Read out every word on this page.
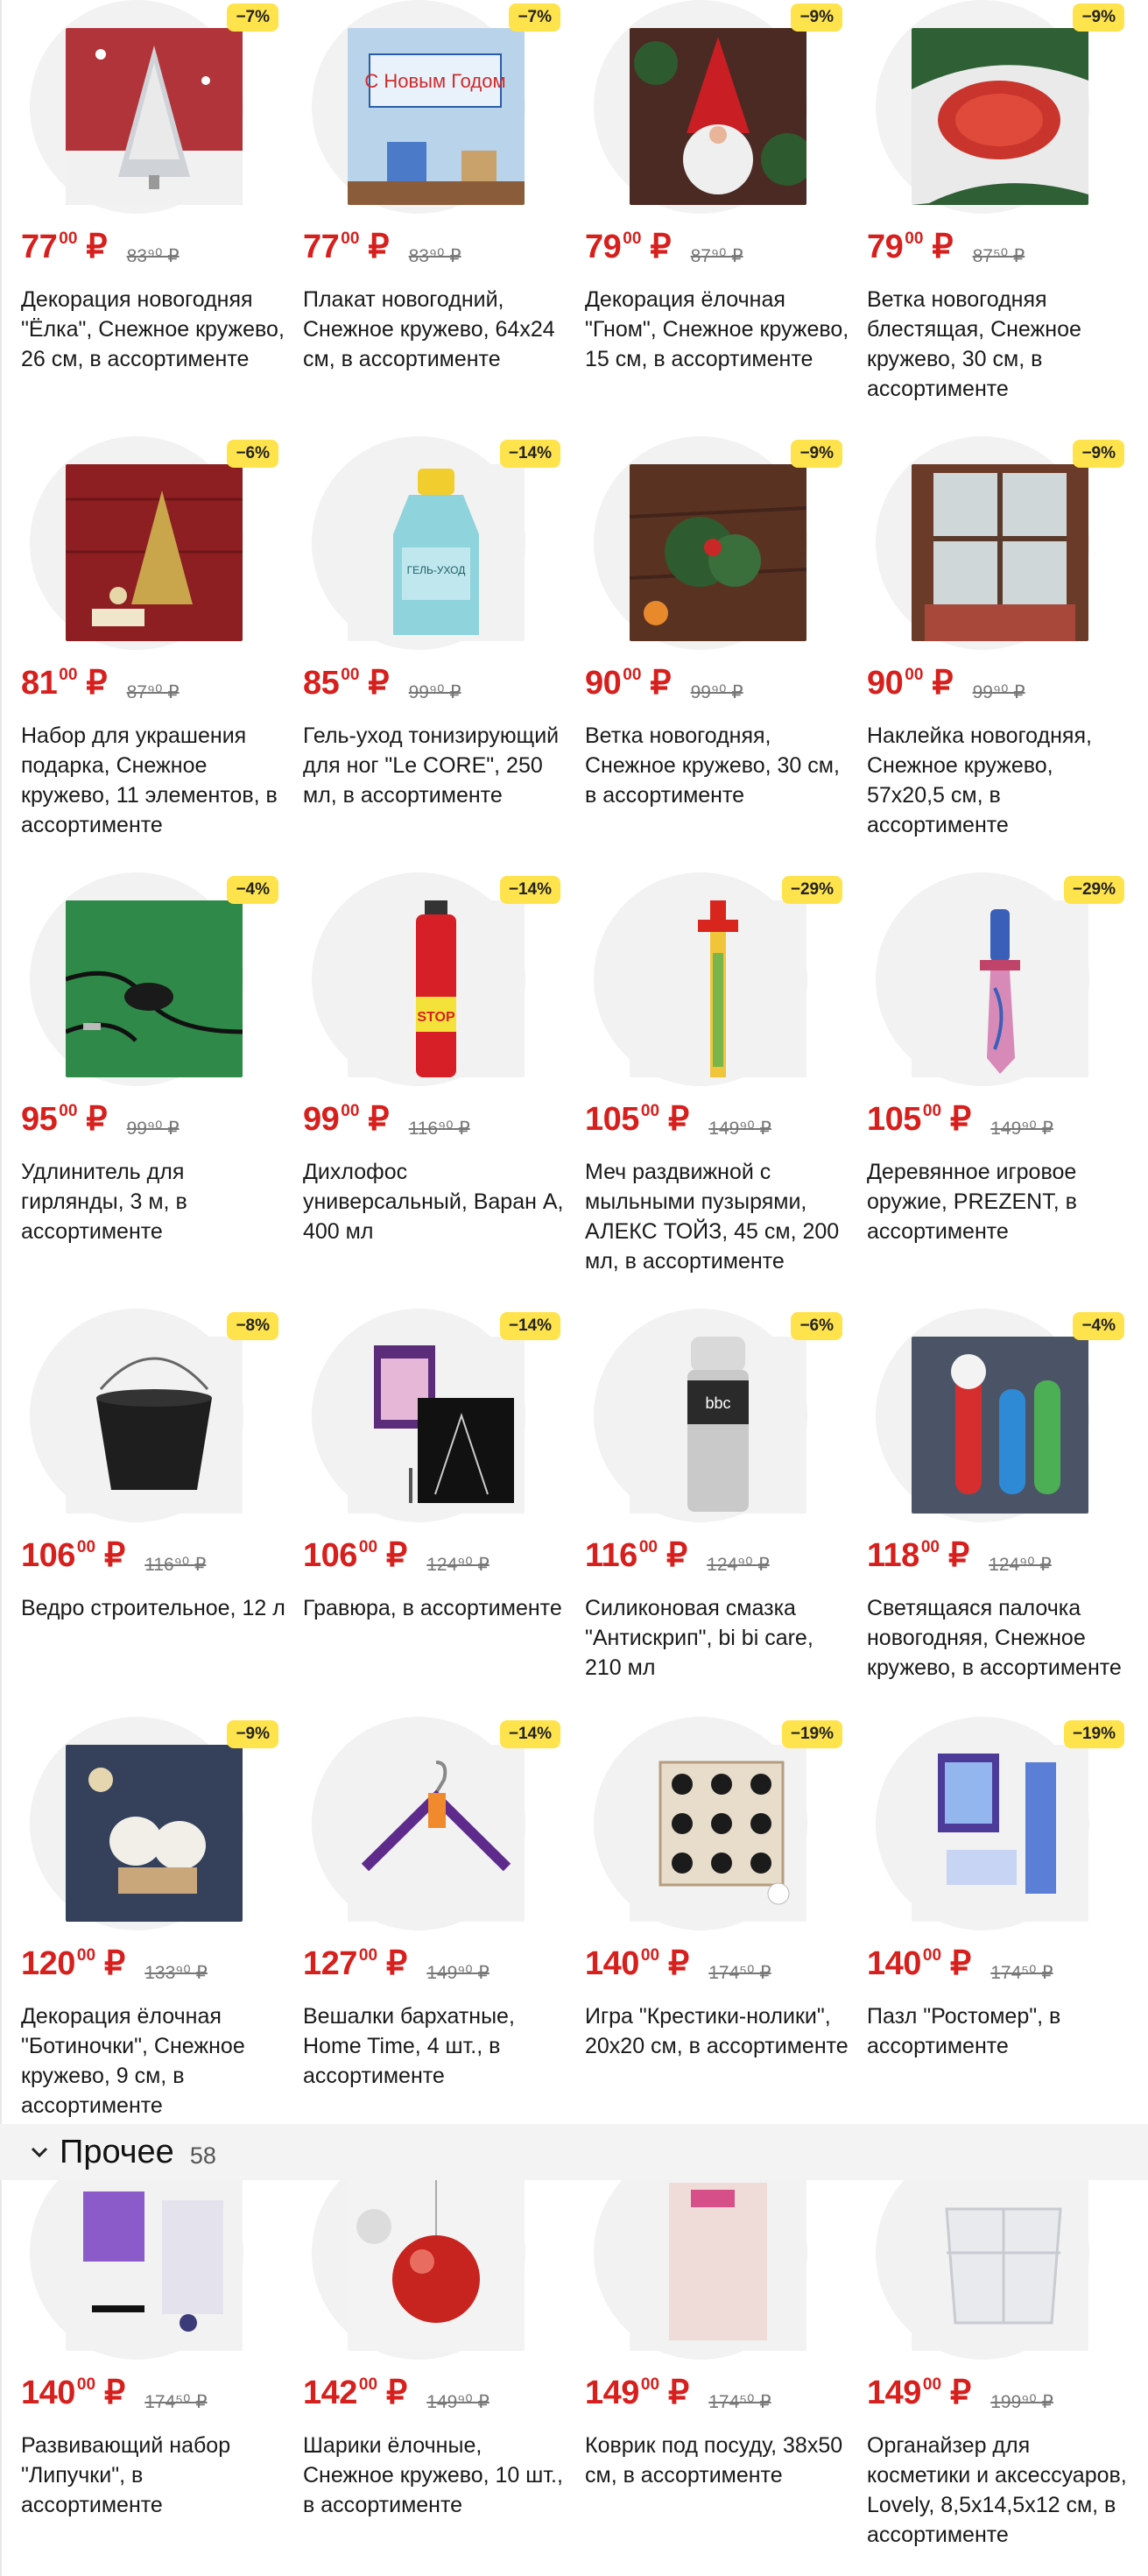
−7%
77 00 ₽ 83⁹⁰ ₽
Декорация новогодняя "Ёлка", Снежное кружево, 26 см, в ассортименте
С Новым Годом
−7%
77 00 ₽ 83⁹⁰ ₽
Плакат новогодний, Снежное кружево, 64х24 см, в ассортименте
−9%
79 00 ₽ 87⁹⁰ ₽
Декорация ёлочная "Гном", Снежное кружево, 15 см, в ассортименте
−9%
79 00 ₽ 87⁵⁰ ₽
Ветка новогодняя блестящая, Снежное кружево, 30 см, в ассортименте
−6%
81 00 ₽ 87⁹⁰ ₽
Набор для украшения подарка, Снежное кружево, 11 элементов, в ассортименте
ГЕЛЬ-УХОД
−14%
85 00 ₽ 99⁹⁰ ₽
Гель-уход тонизирующий для ног "Le CORE", 250 мл, в ассортименте
−9%
90 00 ₽ 99⁹⁰ ₽
Ветка новогодняя, Снежное кружево, 30 см, в ассортименте
−9%
90 00 ₽ 99⁹⁰ ₽
Наклейка новогодняя, Снежное кружево, 57х20,5 см, в ассортименте
−4%
95 00 ₽ 99⁹⁰ ₽
Удлинитель для гирлянды, 3 м, в ассортименте
STOP
−14%
99 00 ₽ 116⁹⁰ ₽
Дихлофос универсальный, Варан А, 400 мл
−29%
105 00 ₽ 149⁹⁰ ₽
Меч раздвижной с мыльными пузырями, АЛЕКС ТОЙЗ, 45 см, 200 мл, в ассортименте
−29%
105 00 ₽ 149⁹⁰ ₽
Деревянное игровое оружие, PREZENT, в ассортименте
−8%
106 00 ₽ 116⁹⁰ ₽
Ведро строительное, 12 л
−14%
106 00 ₽ 124⁹⁰ ₽
Гравюра, в ассортименте
bbc
−6%
116 00 ₽ 124⁹⁰ ₽
Силиконовая смазка "Антискрип", bi bi care, 210 мл
−4%
118 00 ₽ 124⁹⁰ ₽
Светящаяся палочка новогодняя, Снежное кружево, в ассортименте
−9%
120 00 ₽ 133⁹⁰ ₽
Декорация ёлочная "Ботиночки", Снежное кружево, 9 см, в ассортименте
−14%
127 00 ₽ 149⁹⁰ ₽
Вешалки бархатные, Home Time, 4 шт., в ассортименте
−19%
140 00 ₽ 174⁵⁰ ₽
Игра "Крестики-нолики", 20х20 см, в ассортименте
−19%
140 00 ₽ 174⁵⁰ ₽
Пазл "Ростомер", в ассортименте
140 00 ₽ 174⁵⁰ ₽
Развивающий набор "Липучки", в ассортименте
142 00 ₽ 149⁹⁰ ₽
Шарики ёлочные, Снежное кружево, 10 шт., в ассортименте
149 00 ₽ 174⁵⁰ ₽
Коврик под посуду, 38х50 см, в ассортименте
149 00 ₽ 199⁹⁰ ₽
Органайзер для косметики и аксессуаров, Lovely, 8,5х14,5х12 см, в ассортименте
Прочее 58
